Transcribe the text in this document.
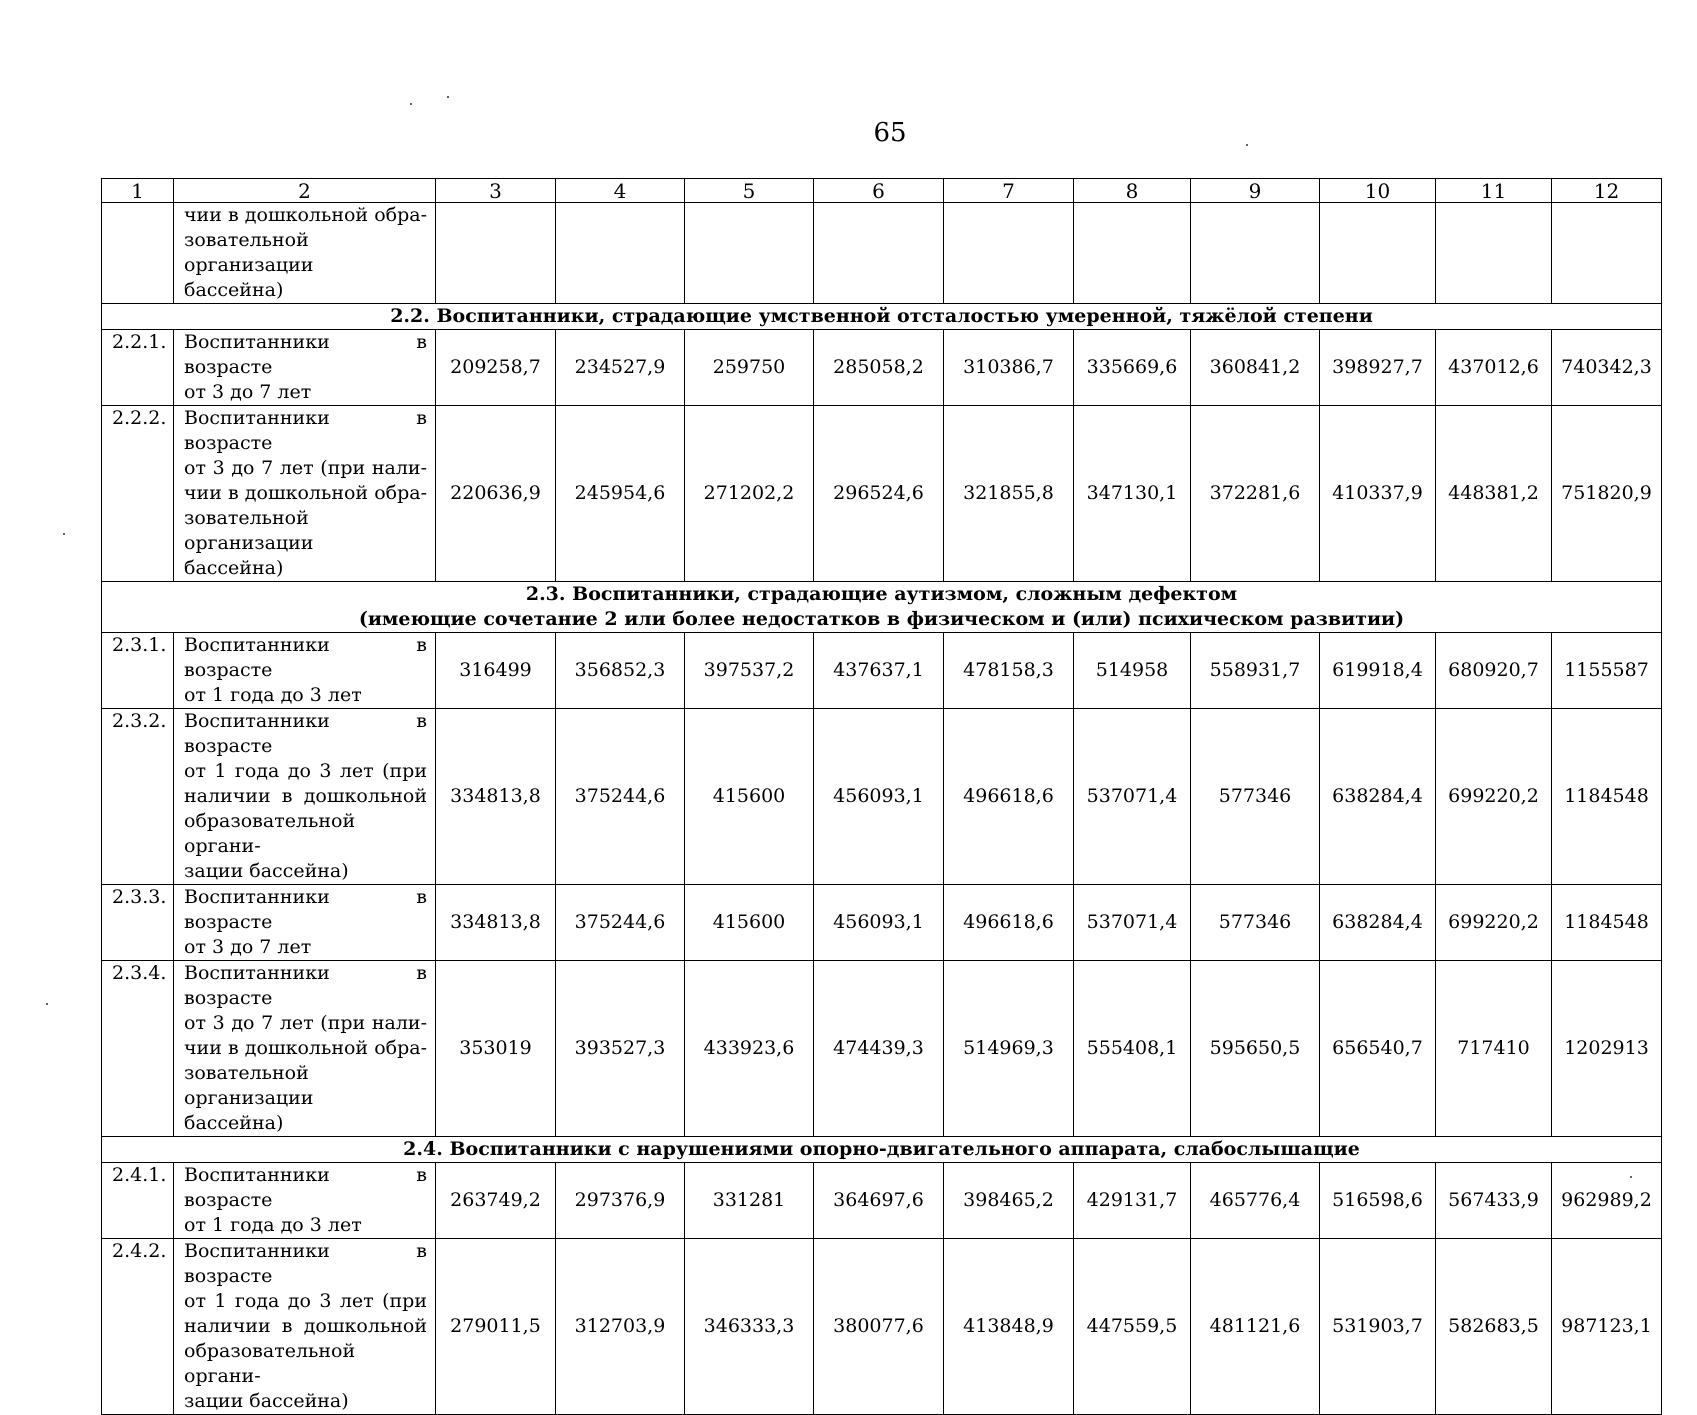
65
1	2	3	4	5	6	7	8	9	10	11	12

	чии в дошкольной обра-
зовательной организации
бассейна)										

2.2. Воспитанники, страдающие умственной отсталостью умеренной, тяжёлой степени											

2.2.1.	Воспитанники в возрасте
от 3 до 7 лет	209258,7	234527,9	259750	285058,2	310386,7	335669,6	360841,2	398927,7	437012,6	740342,3
2.2.2.	Воспитанники в возрасте
от 3 до 7 лет (при нали-
чии в дошкольной обра-
зовательной организации
бассейна)	220636,9	245954,6	271202,2	296524,6	321855,8	347130,1	372281,6	410337,9	448381,2	751820,9

2.3. Воспитанники, страдающие аутизмом, сложным дефектом
(имеющие сочетание 2 или более недостатков в физическом и (или) психическом развитии)											

2.3.1.	Воспитанники в возрасте
от 1 года до 3 лет	316499	356852,3	397537,2	437637,1	478158,3	514958	558931,7	619918,4	680920,7	1155587
2.3.2.	Воспитанники в возрасте
от 1 года до 3 лет (при
наличии в дошкольной
образовательной органи-
зации бассейна)	334813,8	375244,6	415600	456093,1	496618,6	537071,4	577346	638284,4	699220,2	1184548
2.3.3.	Воспитанники в возрасте
от 3 до 7 лет	334813,8	375244,6	415600	456093,1	496618,6	537071,4	577346	638284,4	699220,2	1184548
2.3.4.	Воспитанники в возрасте
от 3 до 7 лет (при нали-
чии в дошкольной обра-
зовательной организации
бассейна)	353019	393527,3	433923,6	474439,3	514969,3	555408,1	595650,5	656540,7	717410	1202913

2.4. Воспитанники с нарушениями опорно-двигательного аппарата, слабослышащие											

2.4.1.	Воспитанники в возрасте
от 1 года до 3 лет	263749,2	297376,9	331281	364697,6	398465,2	429131,7	465776,4	516598,6	567433,9	962989,2
2.4.2.	Воспитанники в возрасте
от 1 года до 3 лет (при
наличии в дошкольной
образовательной органи-
зации бассейна)	279011,5	312703,9	346333,3	380077,6	413848,9	447559,5	481121,6	531903,7	582683,5	987123,1
